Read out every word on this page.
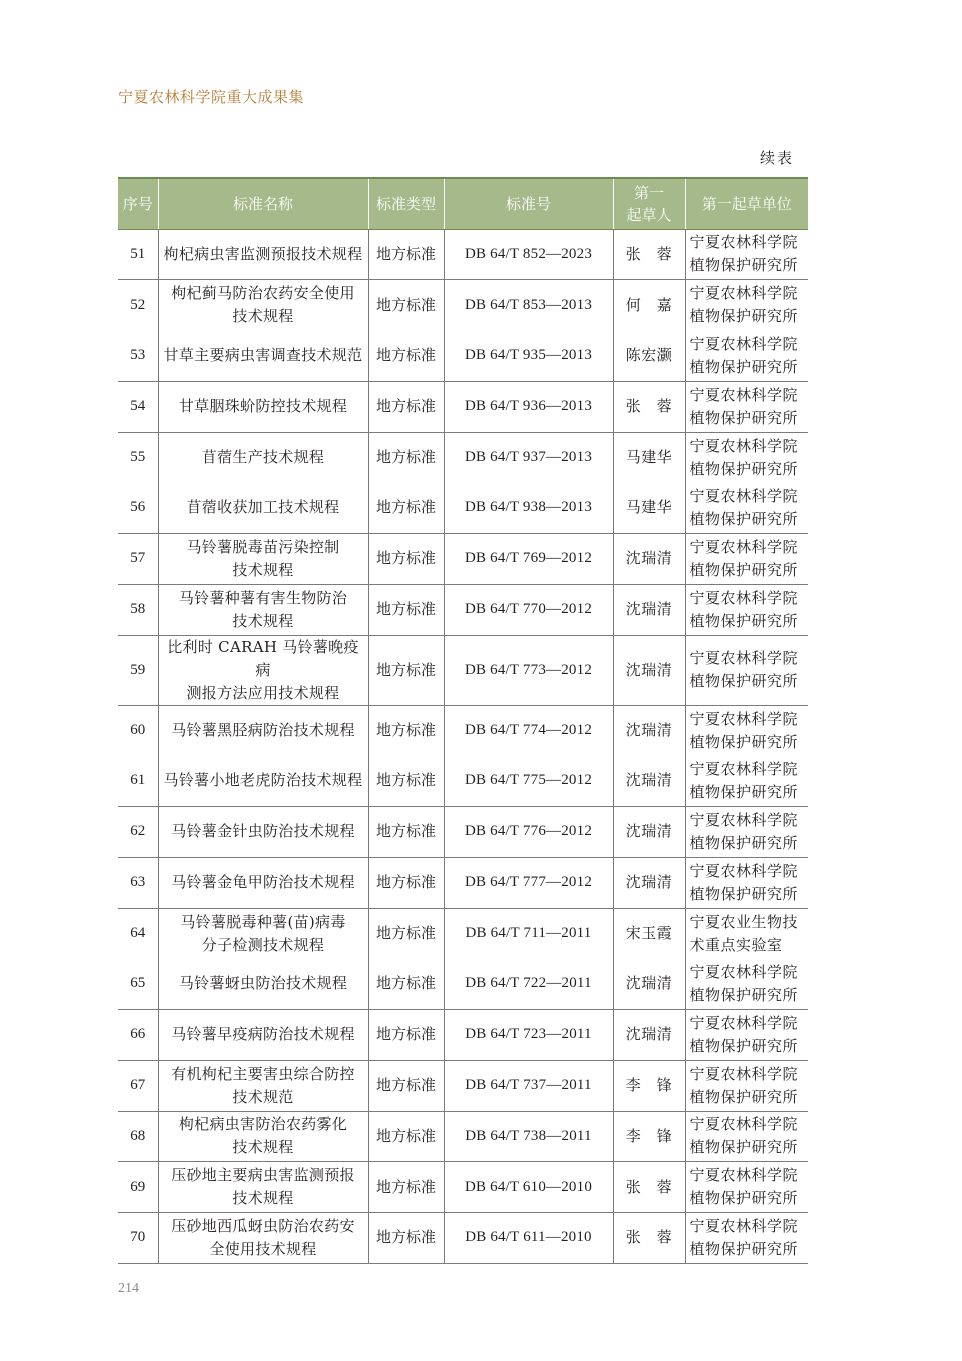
宁夏农林科学院重大成果集
续表
序号	标准名称	标准类型	标准号	第一
起草人	第一起草单位
51	枸杞病虫害监测预报技术规程	地方标准	DB 64/T 852—2023	张　蓉	宁夏农林科学院
植物保护研究所

52	枸杞蓟马防治农药安全使用
技术规程	地方标准	DB 64/T 853—2013	何　嘉	宁夏农林科学院
植物保护研究所

53	甘草主要病虫害调查技术规范	地方标准	DB 64/T 935—2013	陈宏灏	宁夏农林科学院
植物保护研究所

54	甘草胭珠蚧防控技术规程	地方标准	DB 64/T 936—2013	张　蓉	宁夏农林科学院
植物保护研究所

55	苜蓿生产技术规程	地方标准	DB 64/T 937—2013	马建华	宁夏农林科学院
植物保护研究所

56	苜蓿收获加工技术规程	地方标准	DB 64/T 938—2013	马建华	宁夏农林科学院
植物保护研究所

57	马铃薯脱毒苗污染控制
技术规程	地方标准	DB 64/T 769—2012	沈瑞清	宁夏农林科学院
植物保护研究所

58	马铃薯种薯有害生物防治
技术规程	地方标准	DB 64/T 770—2012	沈瑞清	宁夏农林科学院
植物保护研究所

59	比利时 CARAH 马铃薯晚疫病
测报方法应用技术规程	地方标准	DB 64/T 773—2012	沈瑞清	宁夏农林科学院
植物保护研究所

60	马铃薯黑胫病防治技术规程	地方标准	DB 64/T 774—2012	沈瑞清	宁夏农林科学院
植物保护研究所

61	马铃薯小地老虎防治技术规程	地方标准	DB 64/T 775—2012	沈瑞清	宁夏农林科学院
植物保护研究所

62	马铃薯金针虫防治技术规程	地方标准	DB 64/T 776—2012	沈瑞清	宁夏农林科学院
植物保护研究所

63	马铃薯金龟甲防治技术规程	地方标准	DB 64/T 777—2012	沈瑞清	宁夏农林科学院
植物保护研究所

64	马铃薯脱毒种薯(苗)病毒
分子检测技术规程	地方标准	DB 64/T 711—2011	宋玉霞	宁夏农业生物技
术重点实验室

65	马铃薯蚜虫防治技术规程	地方标准	DB 64/T 722—2011	沈瑞清	宁夏农林科学院
植物保护研究所

66	马铃薯早疫病防治技术规程	地方标准	DB 64/T 723—2011	沈瑞清	宁夏农林科学院
植物保护研究所

67	有机枸杞主要害虫综合防控
技术规范	地方标准	DB 64/T 737—2011	李　锋	宁夏农林科学院
植物保护研究所

68	枸杞病虫害防治农药雾化
技术规程	地方标准	DB 64/T 738—2011	李　锋	宁夏农林科学院
植物保护研究所

69	压砂地主要病虫害监测预报
技术规程	地方标准	DB 64/T 610—2010	张　蓉	宁夏农林科学院
植物保护研究所

70	压砂地西瓜蚜虫防治农药安
全使用技术规程	地方标准	DB 64/T 611—2010	张　蓉	宁夏农林科学院
植物保护研究所
214
